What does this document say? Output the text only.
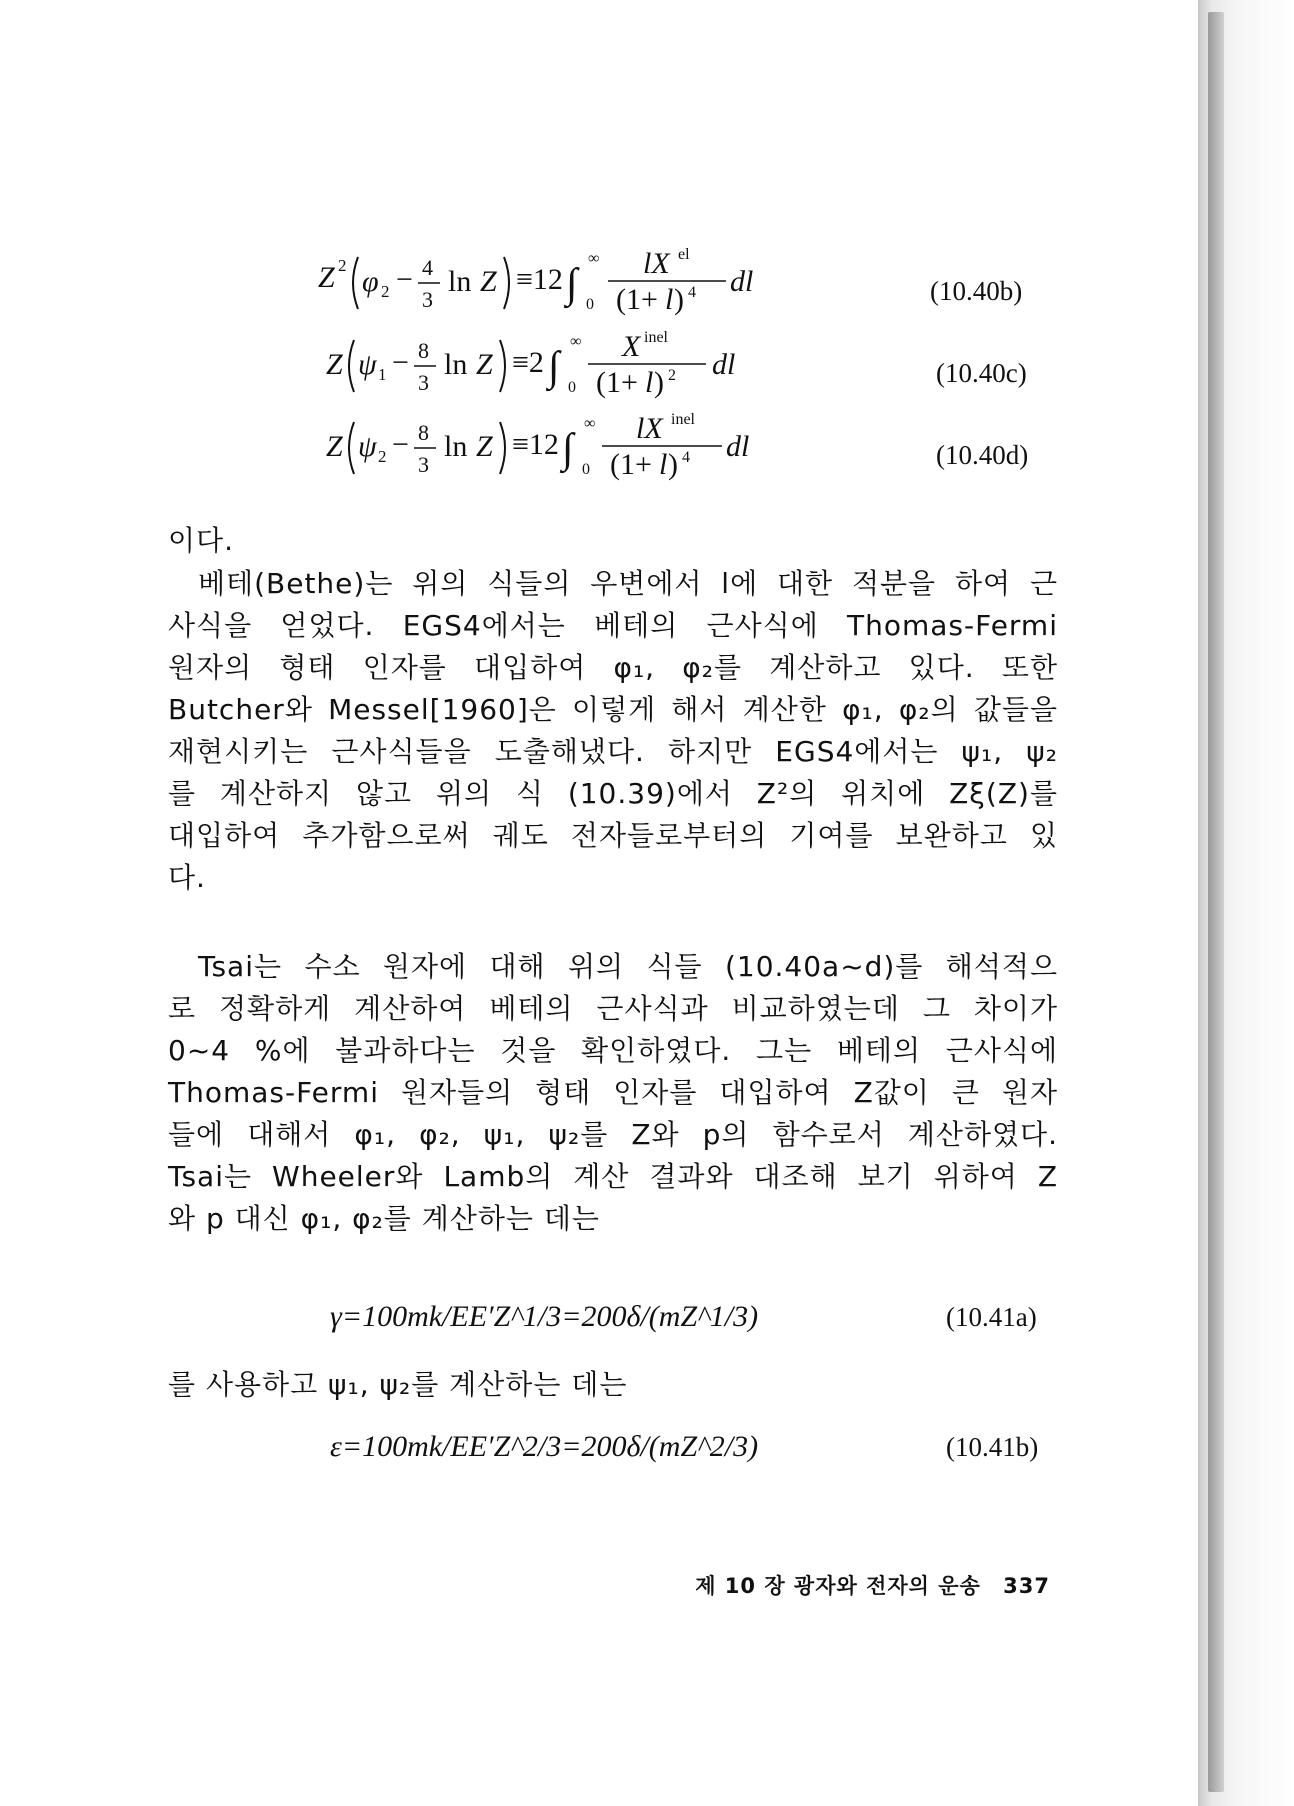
Z 2 φ 2 − 4
3
ln Z ≡12 ∫
∞
0
lX el
(1+ l ) 4 dl	(10.40b)
Z ψ 1 − 8
3
ln Z ≡2 ∫
∞
0
X inel
(1+ l ) 2 dl	(10.40c)
Z ψ 2 − 8
3
ln Z ≡12 ∫
∞
0
lX inel
(1+ l ) 4 dl	(10.40d)
이다.
베테(Bethe)는 위의 식들의 우변에서 l에 대한 적분을 하여 근
사식을 얻었다. EGS4에서는 베테의 근사식에 Thomas-Fermi
원자의 형태 인자를 대입하여 φ₁, φ₂를 계산하고 있다. 또한
Butcher와 Messel[1960]은 이렇게 해서 계산한 φ₁, φ₂의 값들을
재현시키는 근사식들을 도출해냈다. 하지만 EGS4에서는 ψ₁, ψ₂
를 계산하지 않고 위의 식 (10.39)에서 Z²의 위치에 Zξ(Z)를
대입하여 추가함으로써 궤도 전자들로부터의 기여를 보완하고 있
다.
Tsai는 수소 원자에 대해 위의 식들 (10.40a~d)를 해석적으
로 정확하게 계산하여 베테의 근사식과 비교하였는데 그 차이가
0~4 %에 불과하다는 것을 확인하였다. 그는 베테의 근사식에
Thomas-Fermi 원자들의 형태 인자를 대입하여 Z값이 큰 원자
들에 대해서 φ₁, φ₂, ψ₁, ψ₂를 Z와 p의 함수로서 계산하였다.
Tsai는 Wheeler와 Lamb의 계산 결과와 대조해 보기 위하여 Z
와 p 대신 φ₁, φ₂를 계산하는 데는
γ=100mk/EE′Z^1/3=200δ/(mZ^1/3)	(10.41a)
를 사용하고 ψ₁, ψ₂를 계산하는 데는
ε=100mk/EE′Z^2/3=200δ/(mZ^2/3)	(10.41b)
제 10 장 광자와 전자의 운송 337
